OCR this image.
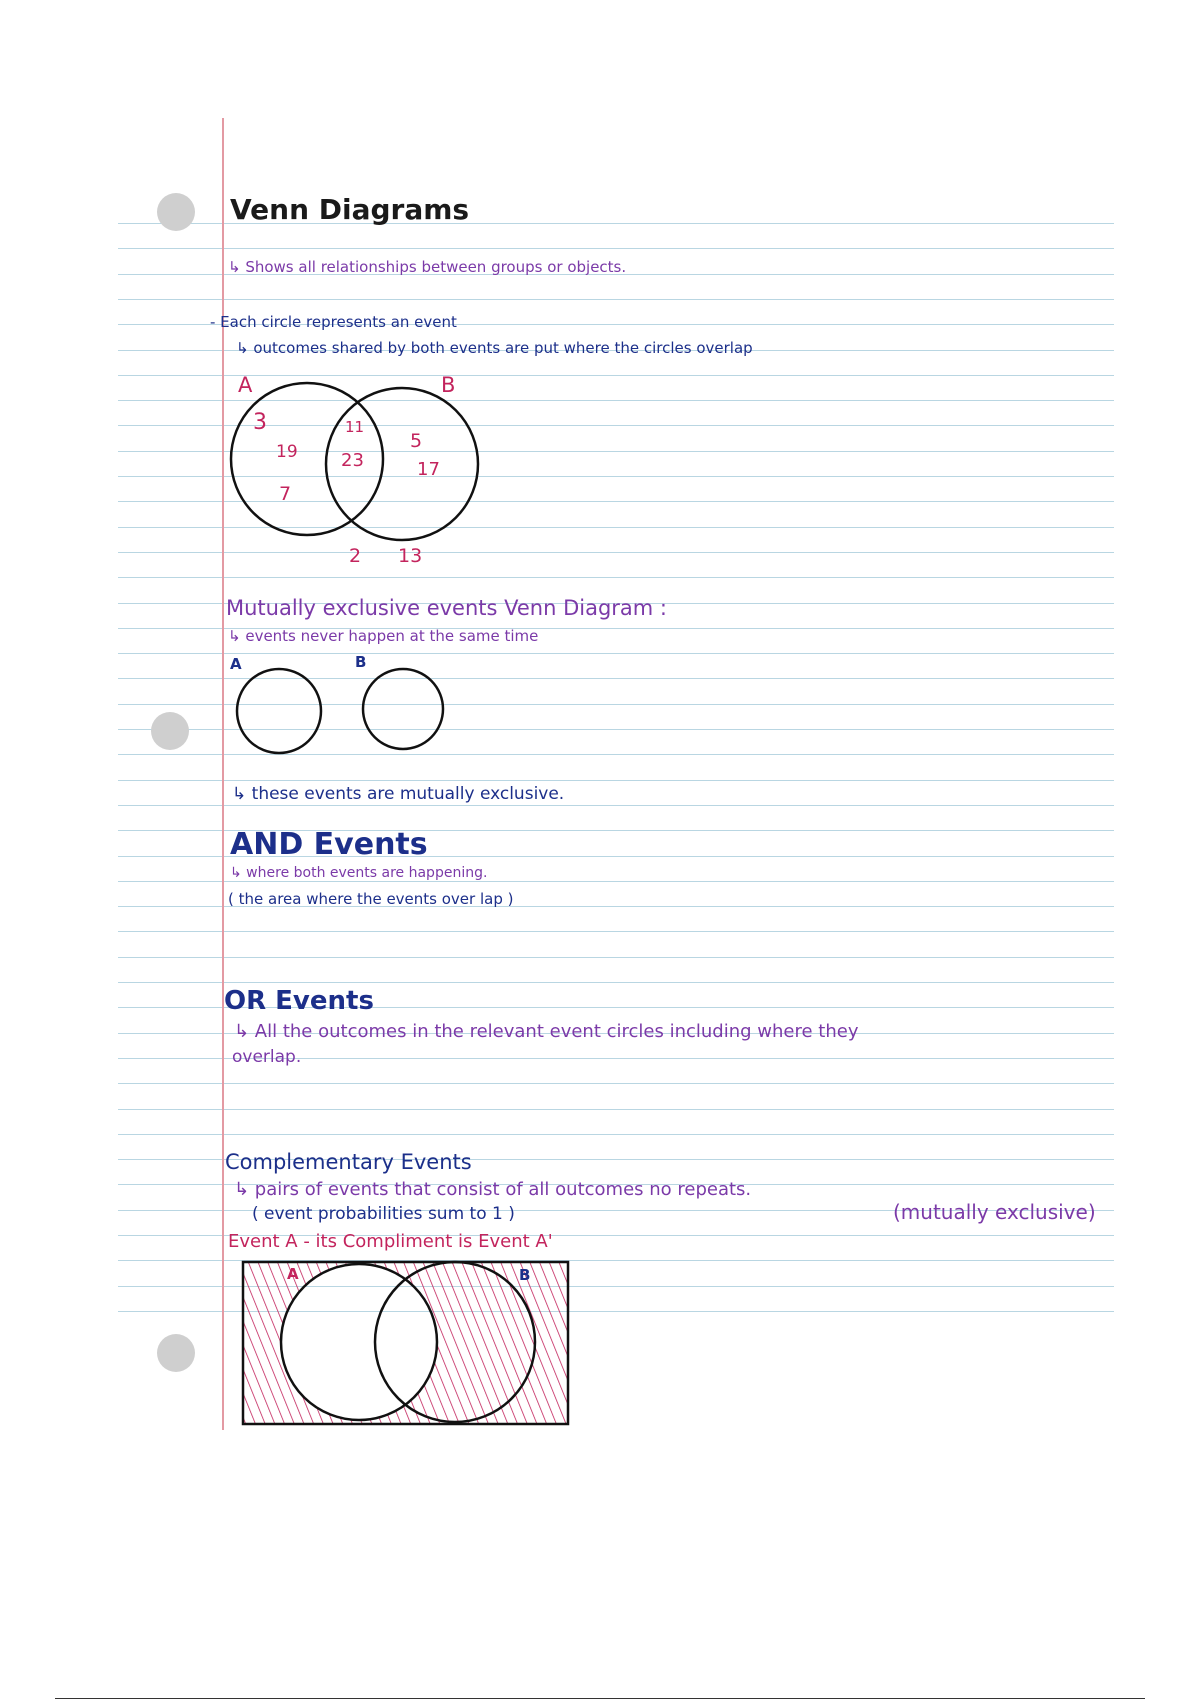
Venn Diagrams
↳ Shows all relationships between groups or objects.
- Each circle represents an event
↳ outcomes shared by both events are put where the circles overlap
A	B
3
19
7
11
23
5
17
2 13
Mutually exclusive events Venn Diagram :
↳ events never happen at the same time
A	B
↳ these events are mutually exclusive.
AND Events
↳ where both events are happening.
( the area where the events over lap )
OR Events
↳ All the outcomes in the relevant event circles including where they
overlap.
Complementary Events
↳ pairs of events that consist of all outcomes no repeats.
( event probabilities sum to 1 )	(mutually exclusive)
Event A - its Compliment is Event A'
A	B
